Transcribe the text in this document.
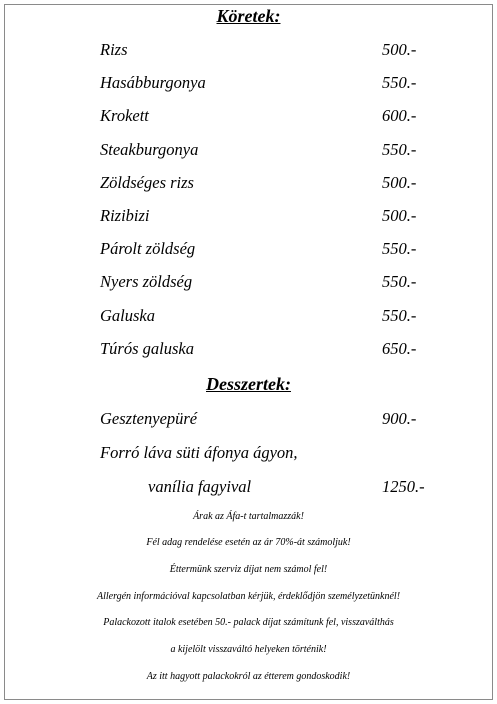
Köretek:
Rizs	500.-
Hasábburgonya	550.-
Krokett	600.-
Steakburgonya	550.-
Zöldséges rizs	500.-
Rizibizi	500.-
Párolt zöldség	550.-
Nyers zöldség	550.-
Galuska	550.-
Túrós galuska	650.-
Desszertek:
Gesztenyepüré	900.-
Forró láva süti áfonya ágyon,
vanília fagyival	1250.-
Árak az Áfa-t tartalmazzák!
Fél adag rendelése esetén az ár 70%-át számoljuk!
Éttermünk szerviz díjat nem számol fel!
Allergén információval kapcsolatban kérjük, érdeklődjön személyzetünknél!
Palackozott italok esetében 50.- palack díjat számítunk fel, visszaválthás
a kijelölt visszaváltó helyeken történik!
Az itt hagyott palackokról az étterem gondoskodik!
